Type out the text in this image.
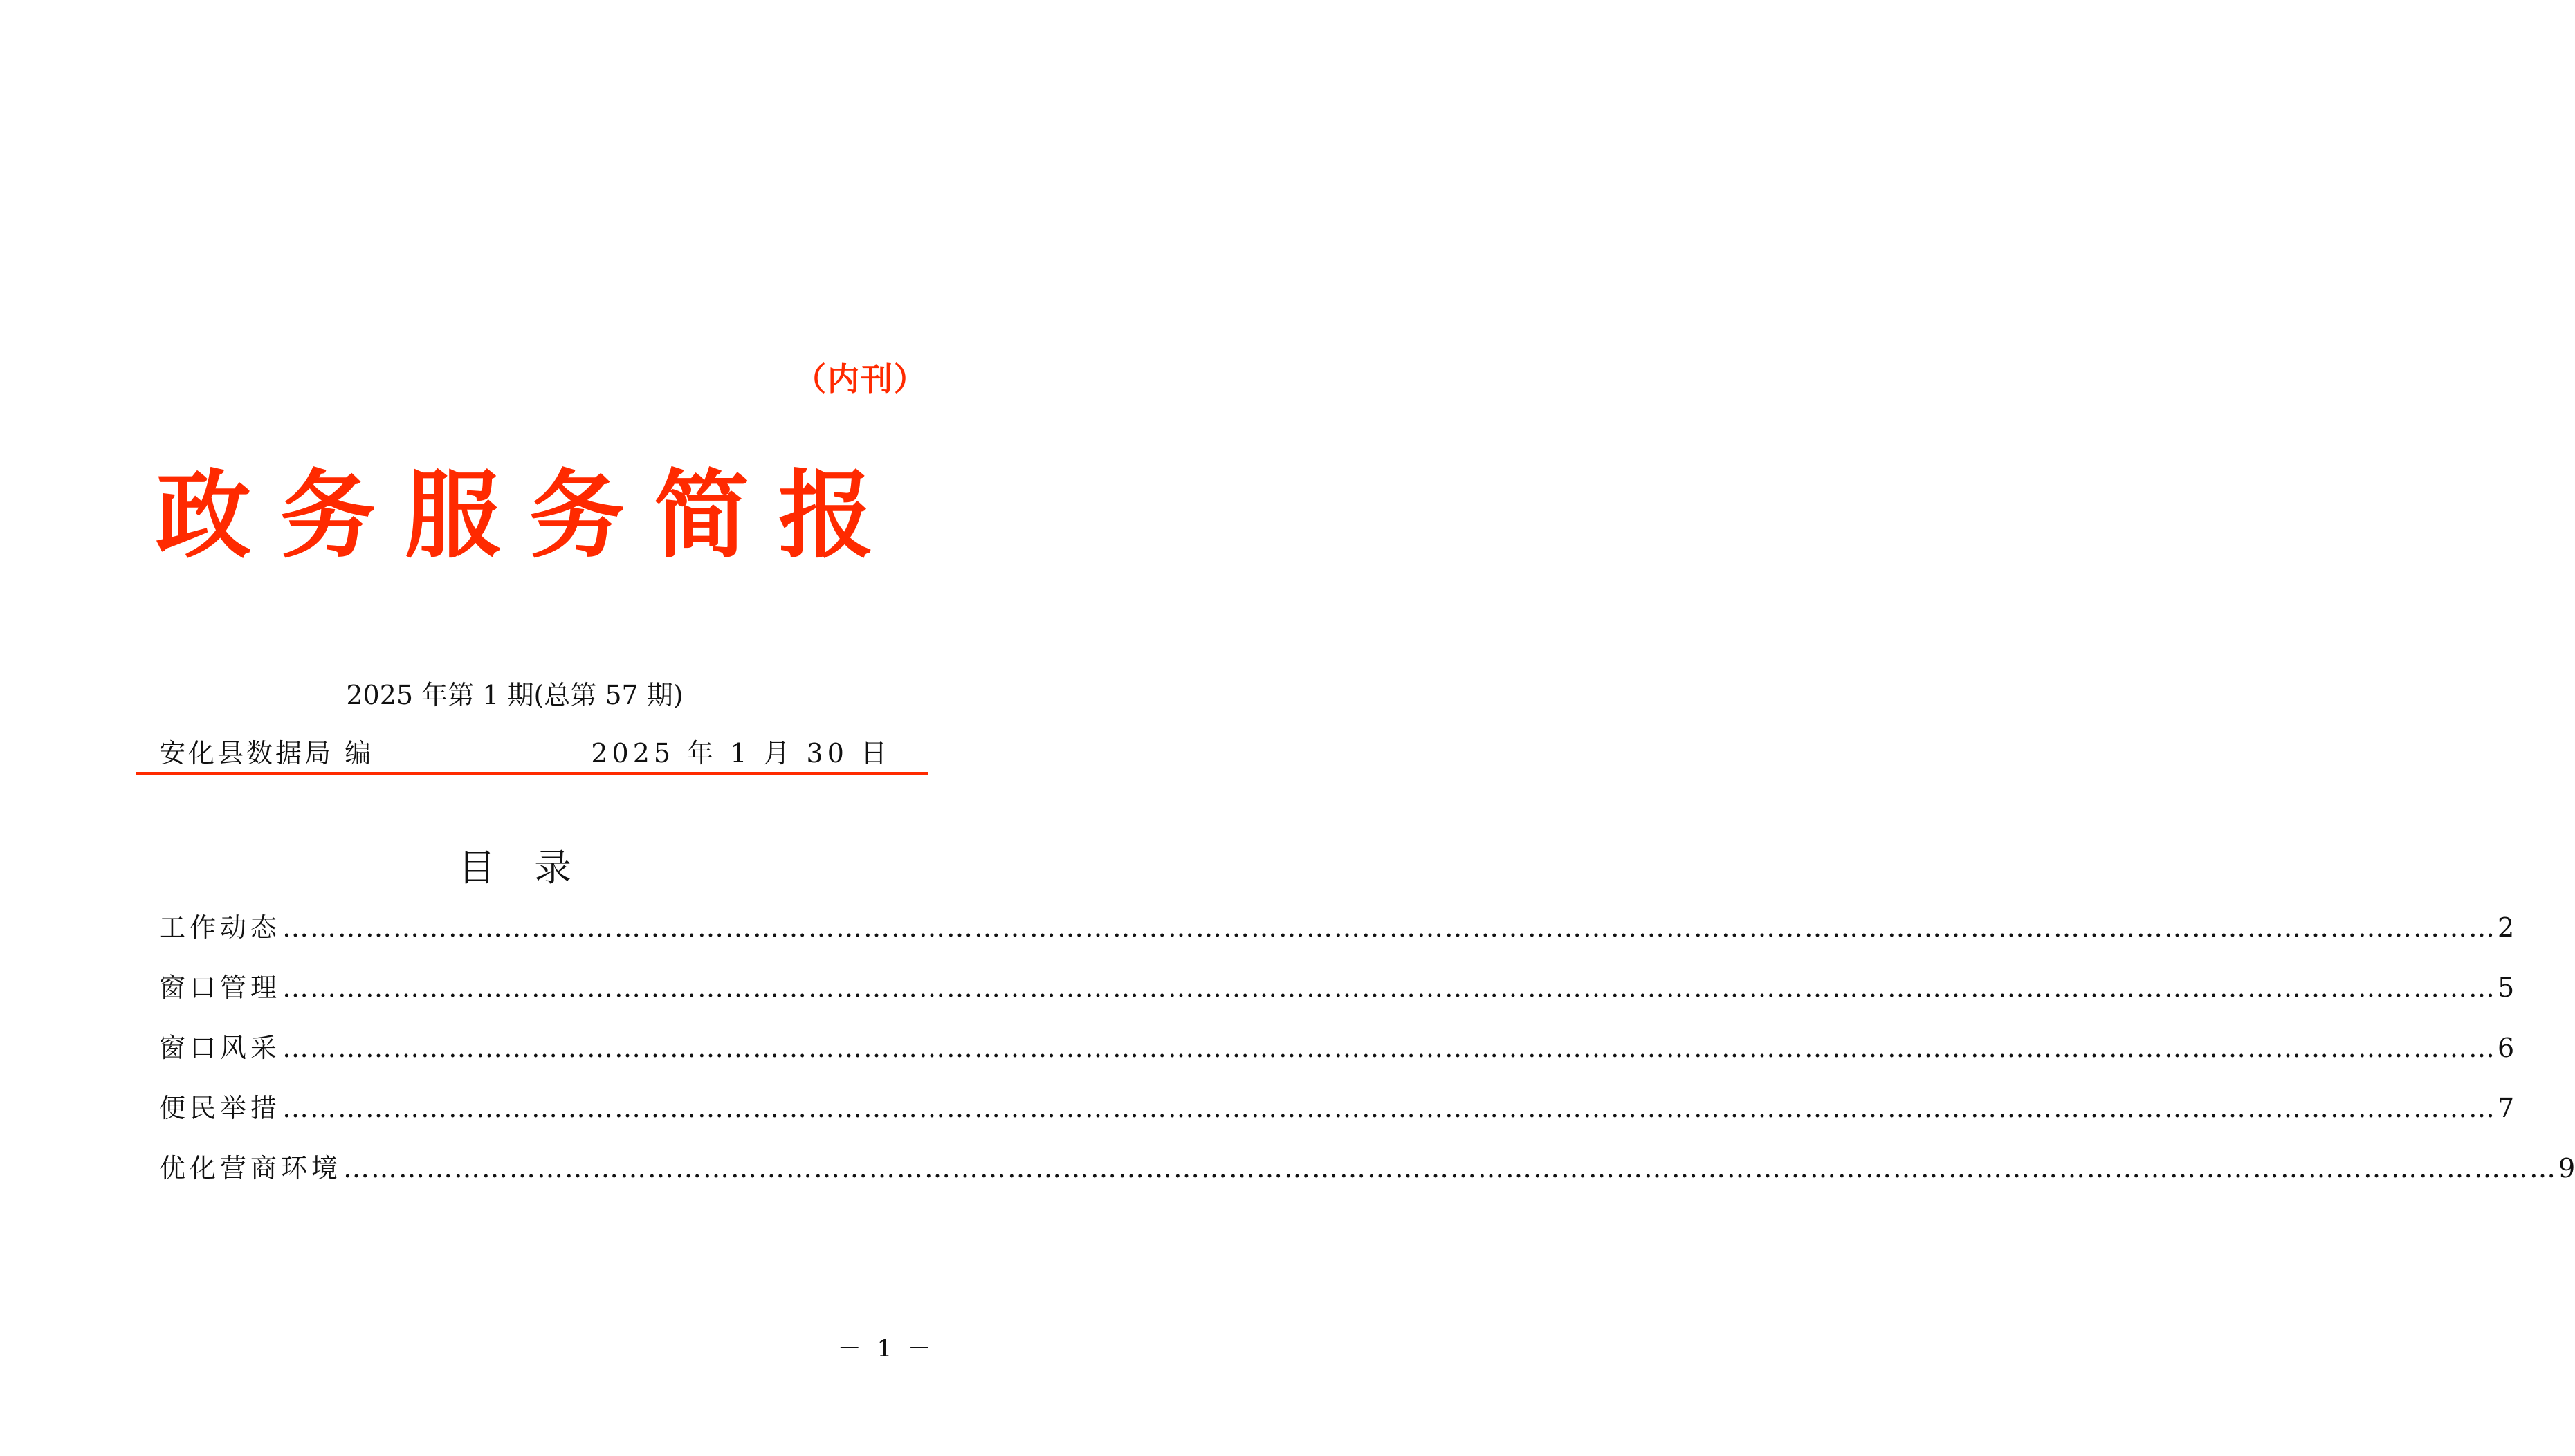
（内刊）
政务服务简报
2025 年第 1 期(总第 57 期)
安化县数据局 编	2025 年 1 月 30 日
目录
工作动态 …………………………………………………………………………………………………………………………………………………………………………………………………………………… 2
窗口管理 …………………………………………………………………………………………………………………………………………………………………………………………………………………… 5
窗口风采 …………………………………………………………………………………………………………………………………………………………………………………………………………………… 6
便民举措 …………………………………………………………………………………………………………………………………………………………………………………………………………………… 7
优化营商环境 …………………………………………………………………………………………………………………………………………………………………………………………………………………… 9
－ 1 －
